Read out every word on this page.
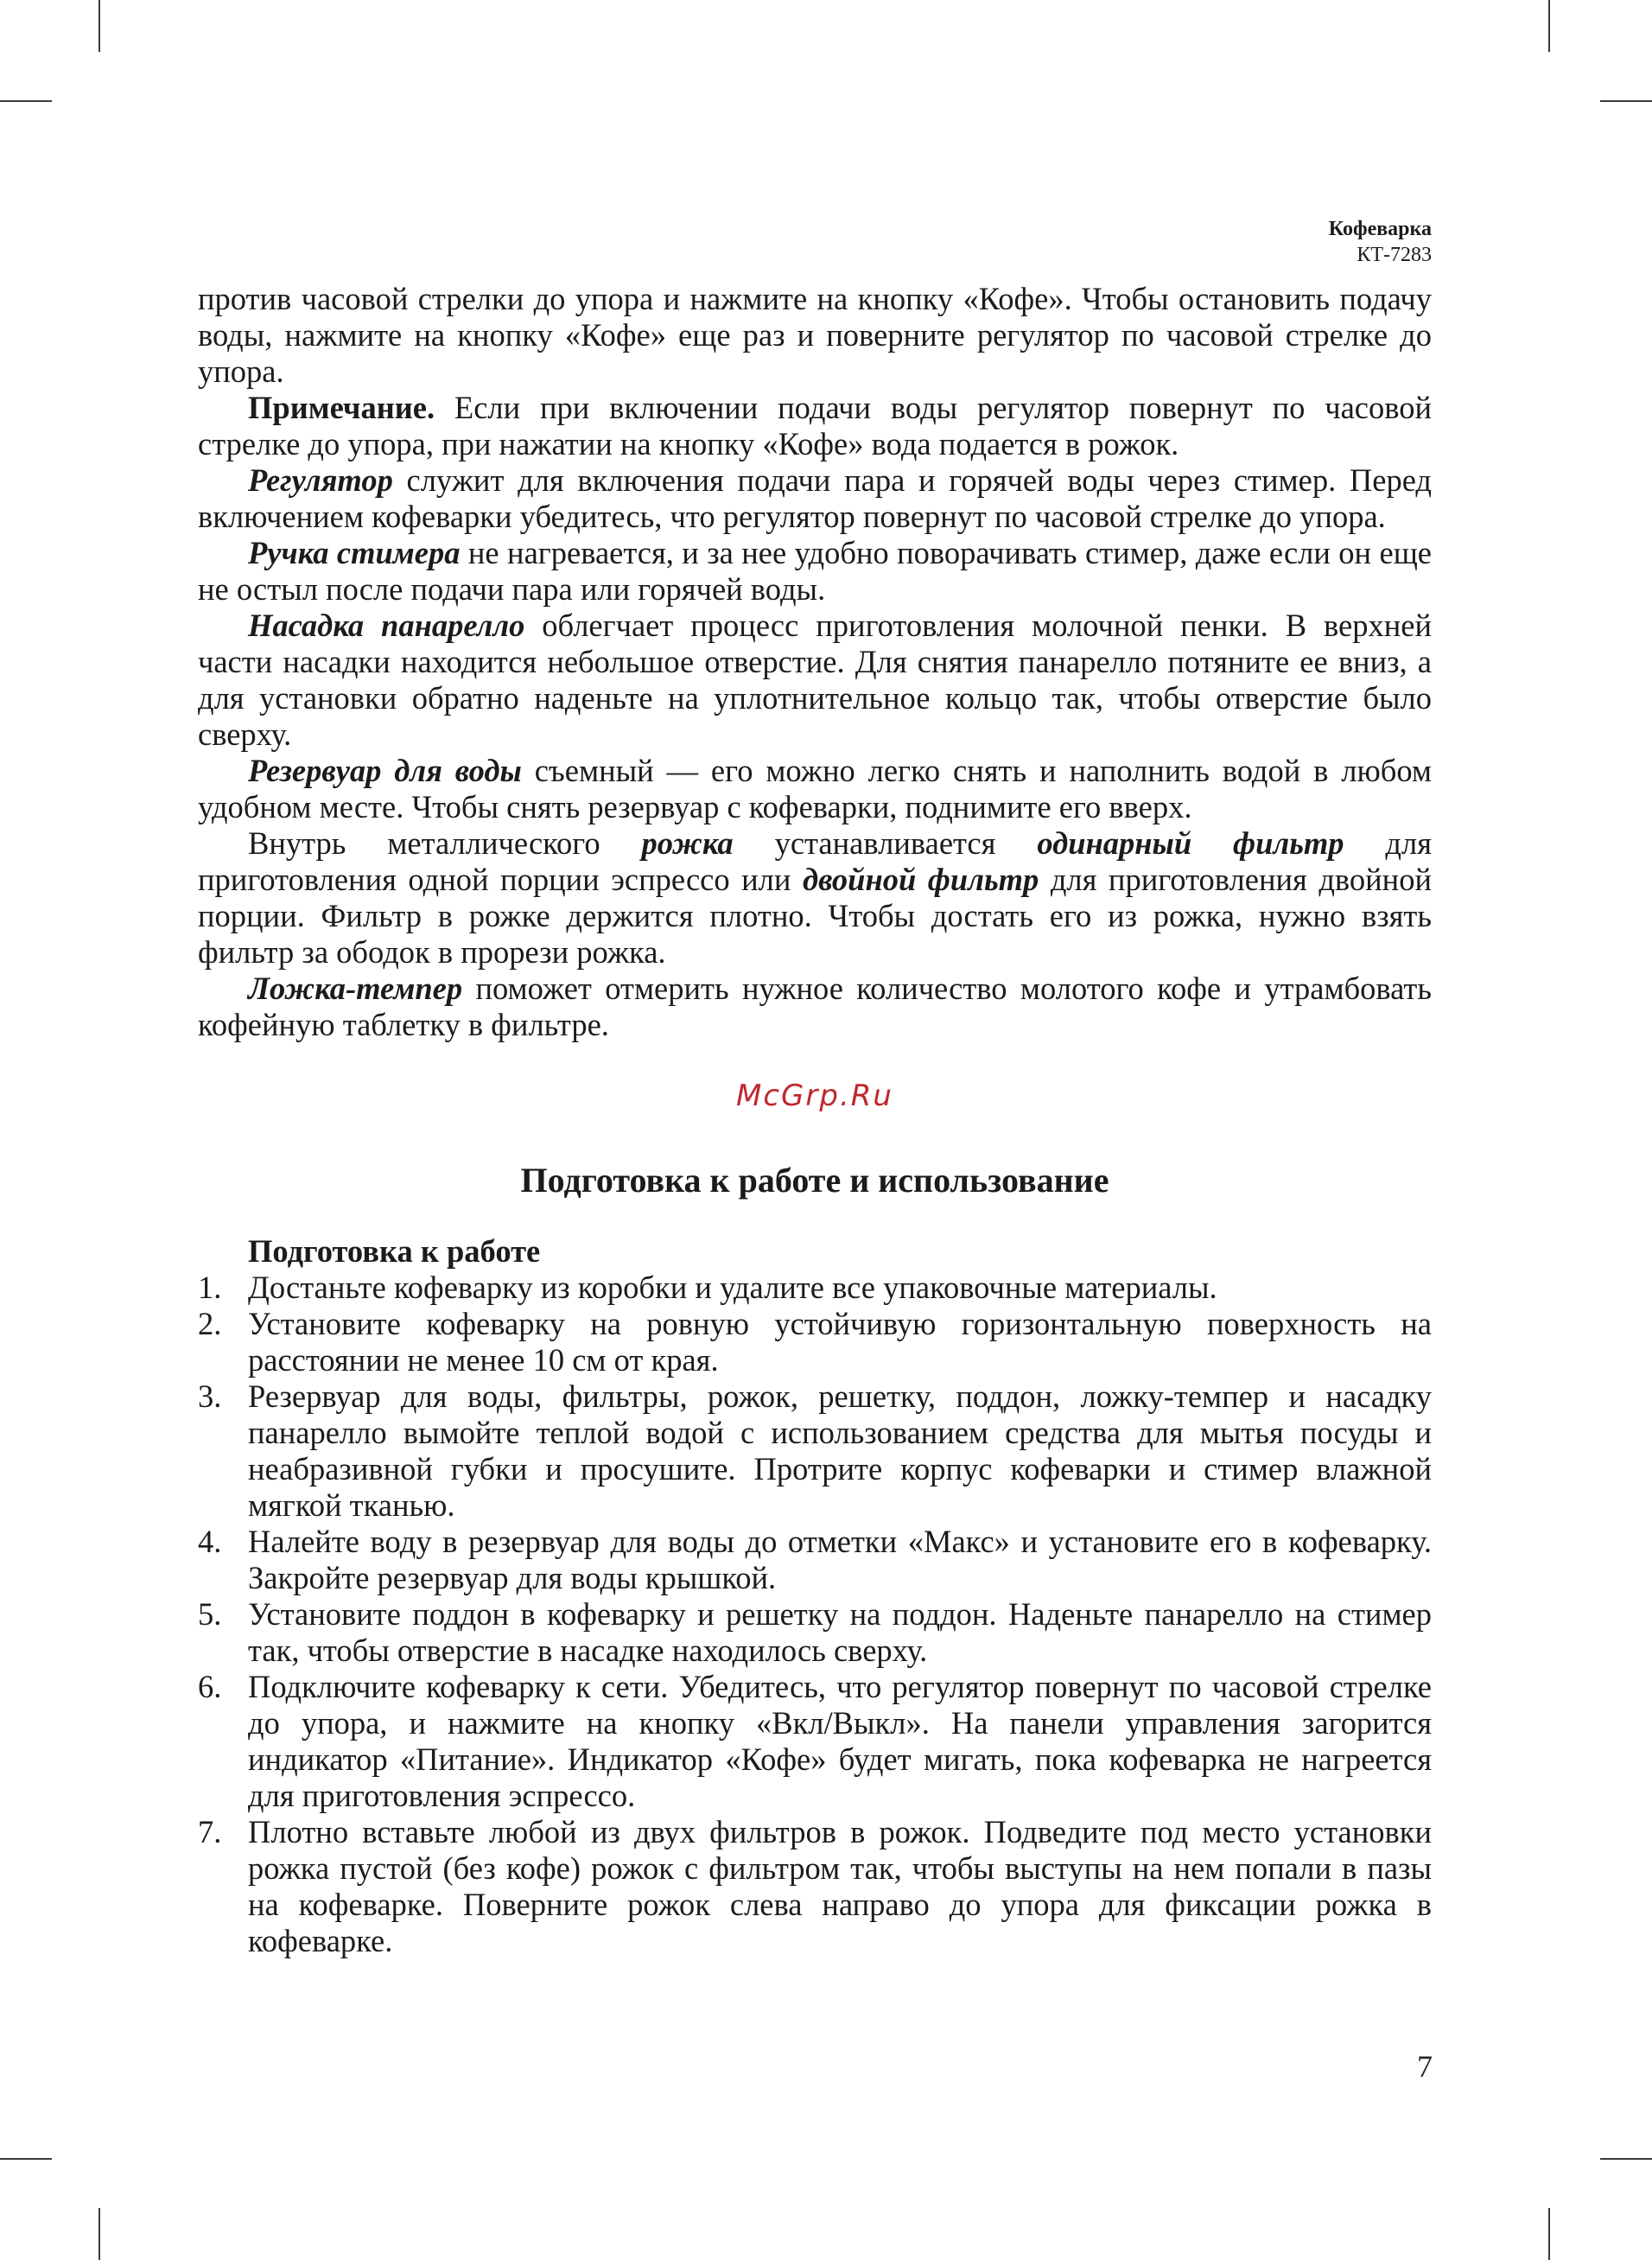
Кофеварка
КТ-7283

против часовой стрелки до упора и нажмите на кнопку «Кофе». Чтобы остановить подачу воды, нажмите на кнопку «Кофе» еще раз и поверните регулятор по часовой стрелке до упора.

Примечание. Если при включении подачи воды регулятор повернут по часовой стрелке до упора, при нажатии на кнопку «Кофе» вода подается в рожок.

Регулятор служит для включения подачи пара и горячей воды через стимер. Перед включением кофеварки убедитесь, что регулятор повернут по часовой стрелке до упора.

Ручка стимера не нагревается, и за нее удобно поворачивать стимер, даже если он еще не остыл после подачи пара или горячей воды.

Насадка панарелло облегчает процесс приготовления молочной пенки. В верхней части насадки находится небольшое отверстие. Для снятия панарелло потяните ее вниз, а для установки обратно наденьте на уплотнительное кольцо так, чтобы отверстие было сверху.

Резервуар для воды съемный — его можно легко снять и наполнить водой в любом удобном месте. Чтобы снять резервуар с кофеварки, поднимите его вверх.

Внутрь металлического рожка устанавливается одинарный фильтр для приготовления одной порции эспрессо или двойной фильтр для приготовления двойной порции. Фильтр в рожке держится плотно. Чтобы достать его из рожка, нужно взять фильтр за ободок в прорези рожка.

Ложка-темпер поможет отмерить нужное количество молотого кофе и утрамбовать кофейную таблетку в фильтре.

McGrp.Ru
Подготовка к работе и использование
Подготовка к работе
1. Достаньте кофеварку из коробки и удалите все упаковочные материалы.
2. Установите кофеварку на ровную устойчивую горизонтальную поверхность на расстоянии не менее 10 см от края.
3. Резервуар для воды, фильтры, рожок, решетку, поддон, ложку-темпер и насадку панарелло вымойте теплой водой с использованием средства для мытья посуды и неабразивной губки и просушите. Протрите корпус кофеварки и стимер влажной мягкой тканью.
4. Налейте воду в резервуар для воды до отметки «Макс» и установите его в кофеварку. Закройте резервуар для воды крышкой.
5. Установите поддон в кофеварку и решетку на поддон. Наденьте панарелло на стимер так, чтобы отверстие в насадке находилось сверху.
6. Подключите кофеварку к сети. Убедитесь, что регулятор повернут по часовой стрелке до упора, и нажмите на кнопку «Вкл/Выкл». На панели управления загорится индикатор «Питание». Индикатор «Кофе» будет мигать, пока кофеварка не нагреется для приготовления эспрессо.
7. Плотно вставьте любой из двух фильтров в рожок. Подведите под место установки рожка пустой (без кофе) рожок с фильтром так, чтобы выступы на нем попали в пазы на кофеварке. Поверните рожок слева направо до упора для фиксации рожка в кофеварке.
7
